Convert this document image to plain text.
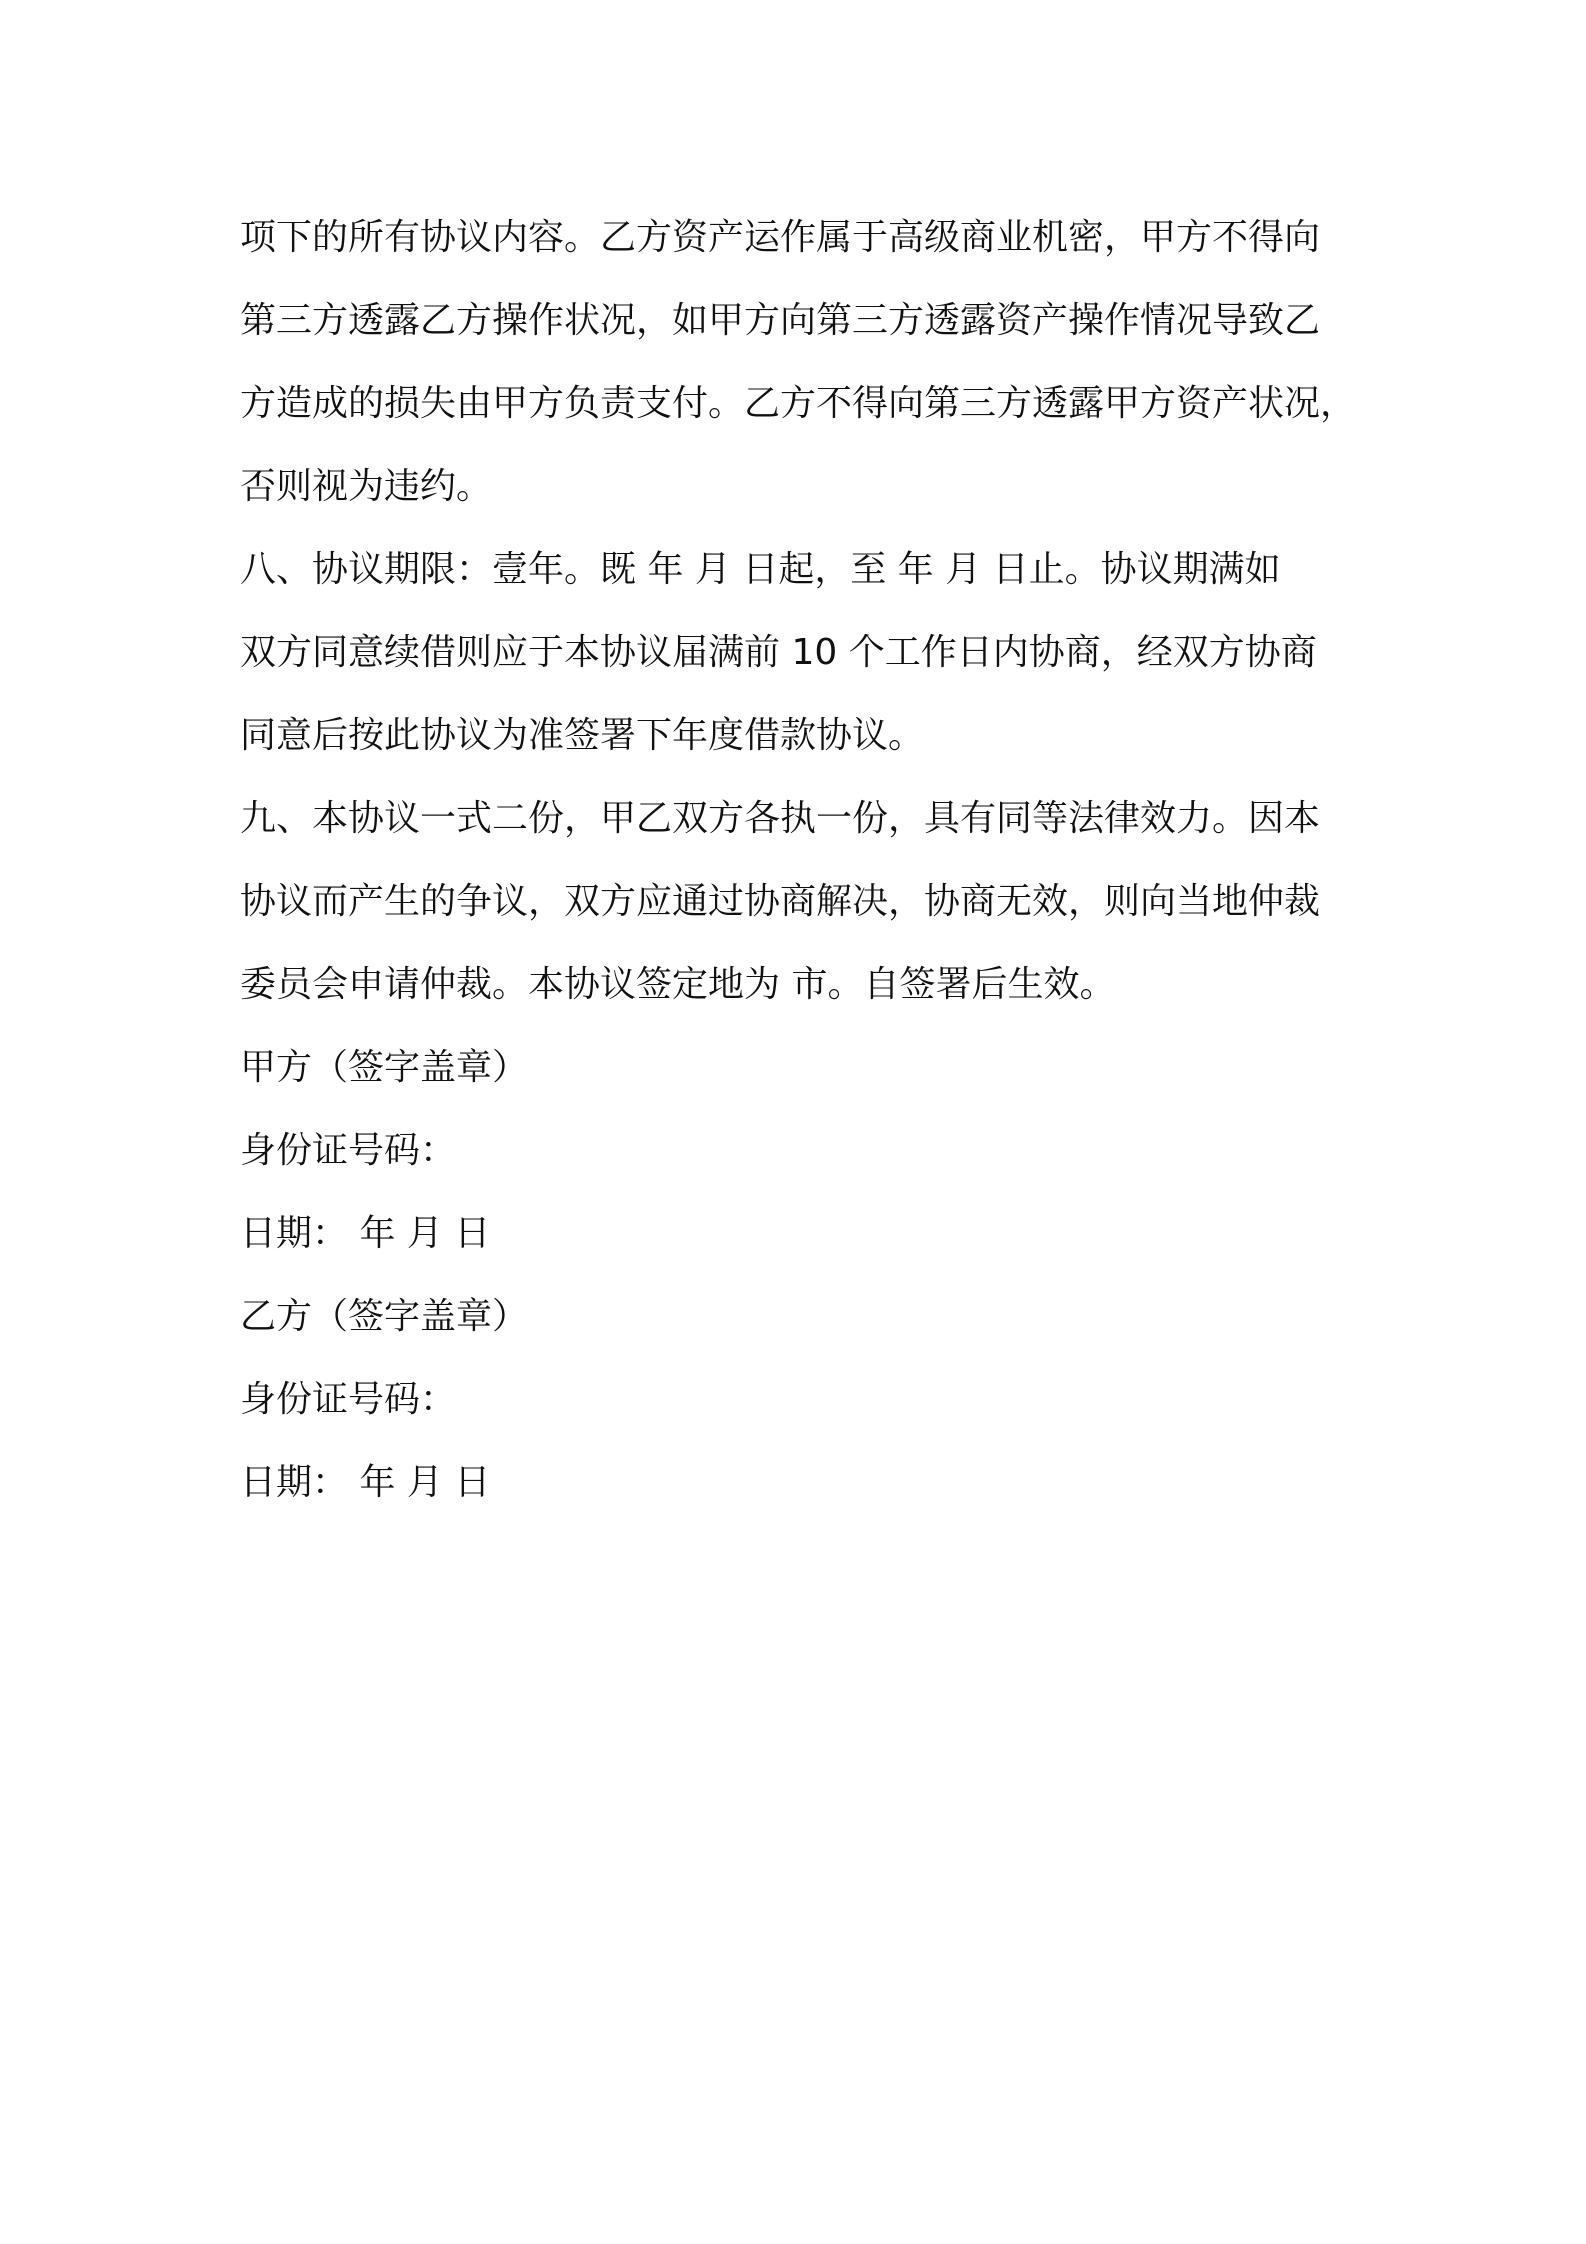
项下的所有协议内容。乙方资产运作属于高级商业机密，甲方不得向
第三方透露乙方操作状况，如甲方向第三方透露资产操作情况导致乙
方造成的损失由甲方负责支付。乙方不得向第三方透露甲方资产状况，
否则视为违约。
八、协议期限：壹年。既 年 月 日起，至 年 月 日止。协议期满如
双方同意续借则应于本协议届满前 10 个工作日内协商，经双方协商
同意后按此协议为准签署下年度借款协议。
九、本协议一式二份，甲乙双方各执一份，具有同等法律效力。因本
协议而产生的争议，双方应通过协商解决，协商无效，则向当地仲裁
委员会申请仲裁。本协议签定地为 市。自签署后生效。
甲方（签字盖章）
身份证号码：
日期： 年 月 日
乙方（签字盖章）
身份证号码：
日期： 年 月 日
